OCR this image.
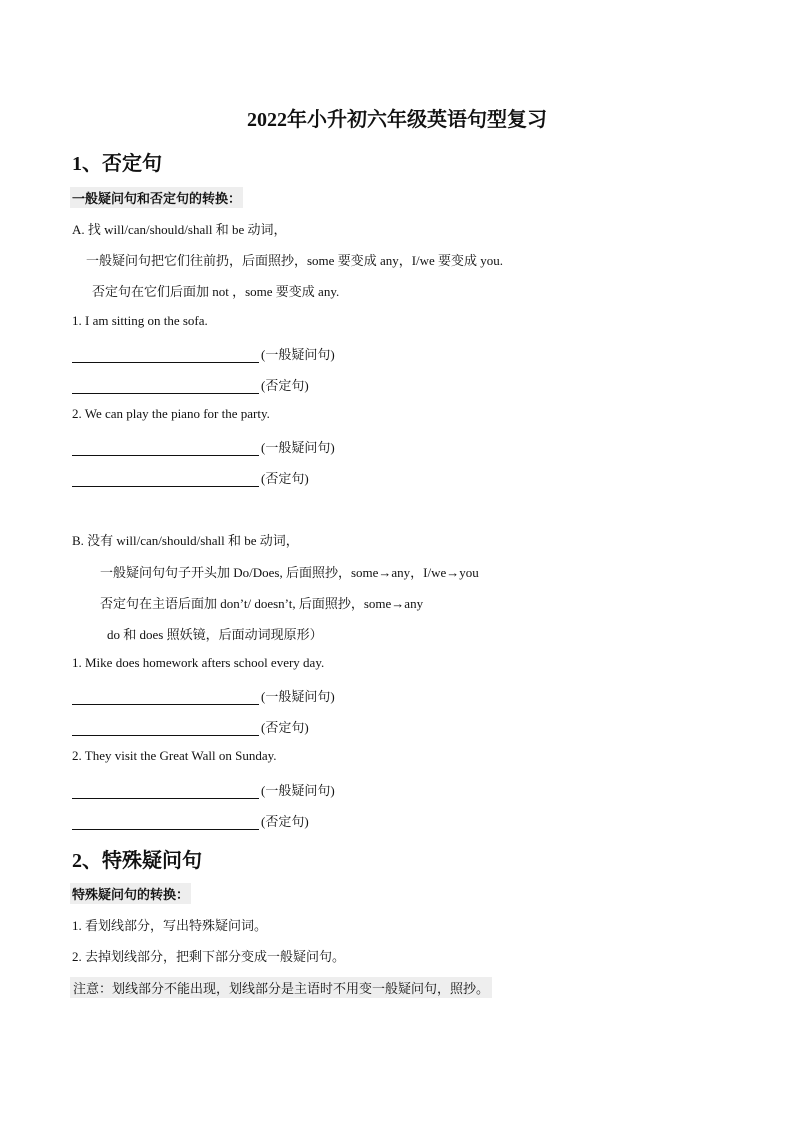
2022年小升初六年级英语句型复习
1、否定句
一般疑问句和否定句的转换：
A. 找 will/can/should/shall 和 be 动词，
一般疑问句把它们往前扔，后面照抄，some 要变成 any，I/we 要变成 you.
否定句在它们后面加 not ，some 要变成 any.
1. I am sitting on the sofa.
(一般疑问句)
(否定句)
2. We can play the piano for the party.
(一般疑问句)
(否定句)
B. 没有 will/can/should/shall 和 be 动词，
一般疑问句句子开头加 Do/Does, 后面照抄，some→any，I/we→you
否定句在主语后面加 don’t/ doesn’t, 后面照抄，some→any
do 和 does 照妖镜，后面动词现原形）
1. Mike does homework afters school every day.
(一般疑问句)
(否定句)
2. They visit the Great Wall on Sunday.
(一般疑问句)
(否定句)
2、特殊疑问句
特殊疑问句的转换：
1. 看划线部分，写出特殊疑问词。
2. 去掉划线部分，把剩下部分变成一般疑问句。
注意：划线部分不能出现，划线部分是主语时不用变一般疑问句，照抄。
